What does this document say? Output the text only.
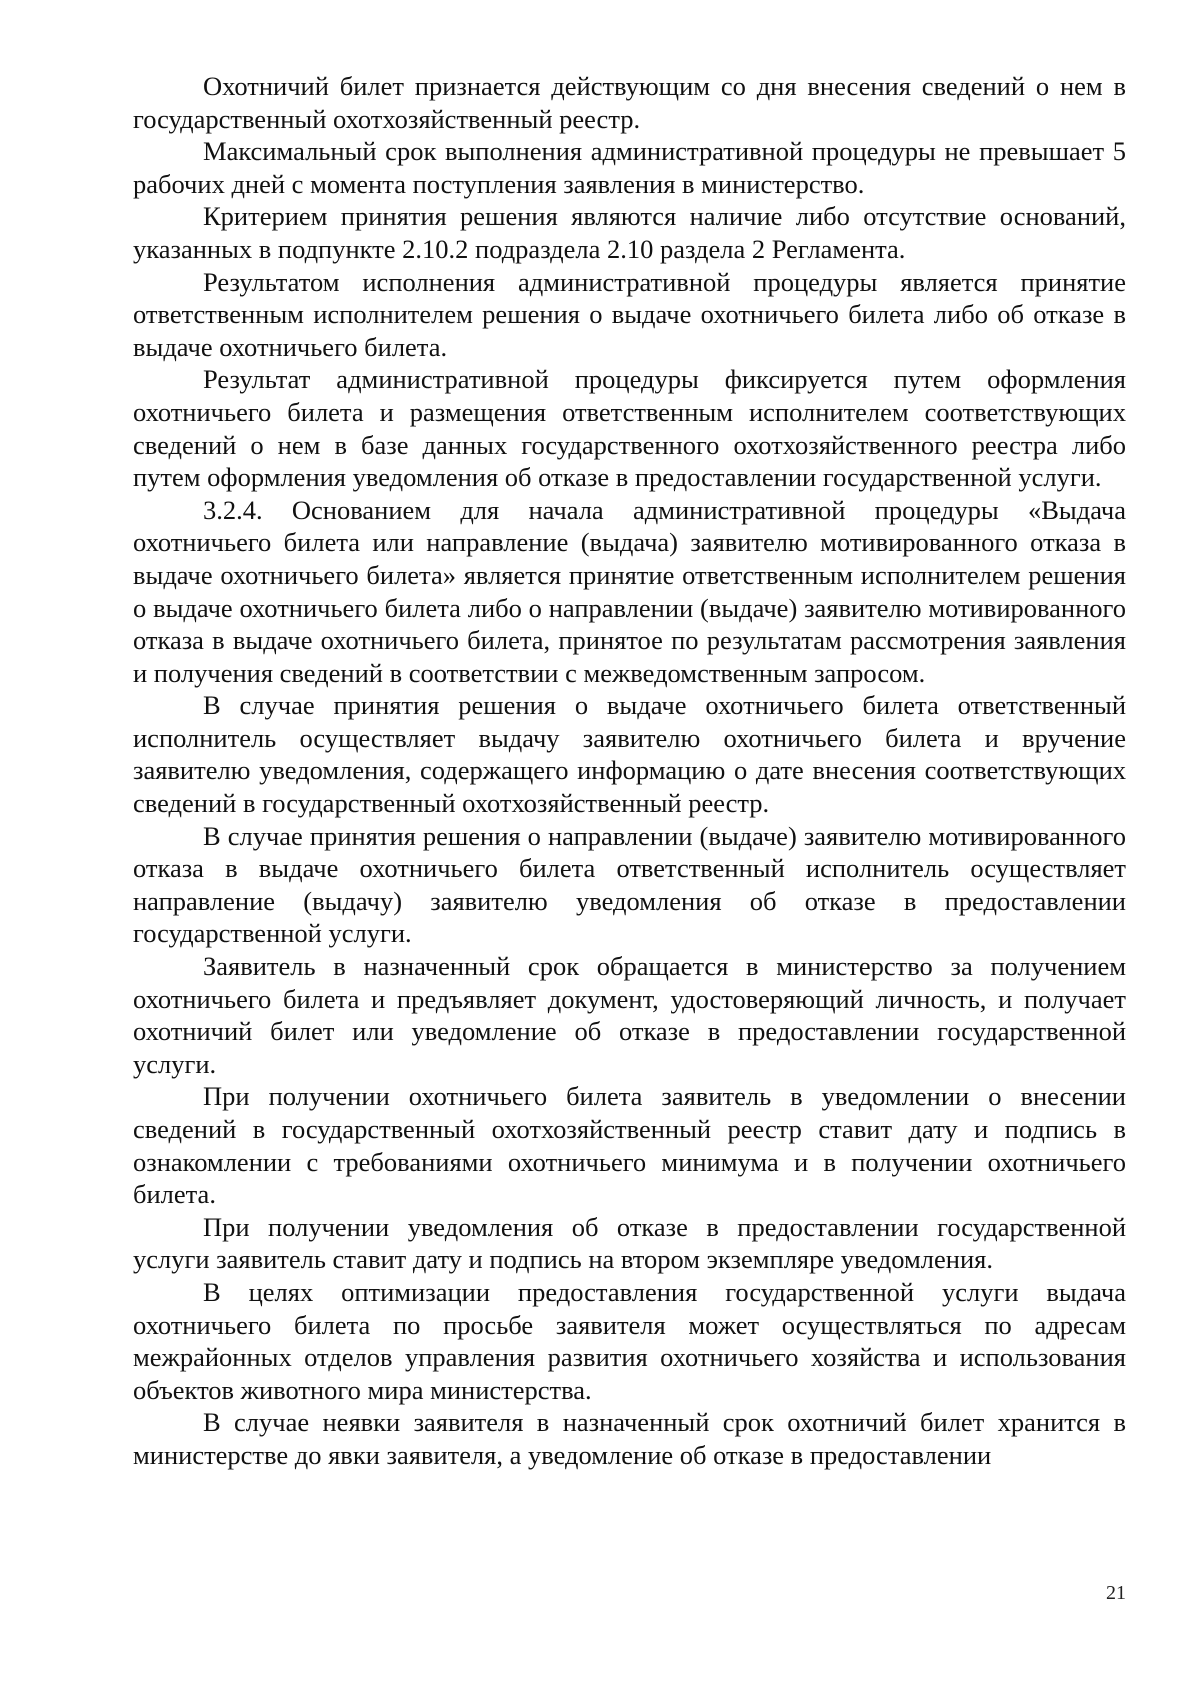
Охотничий билет признается действующим со дня внесения сведений о нем в государственный охотхозяйственный реестр.

Максимальный срок выполнения административной процедуры не превышает 5 рабочих дней с момента поступления заявления в министерство.

Критерием принятия решения являются наличие либо отсутствие оснований, указанных в подпункте 2.10.2 подраздела 2.10 раздела 2 Регламента.

Результатом исполнения административной процедуры является принятие ответственным исполнителем решения о выдаче охотничьего билета либо об отказе в выдаче охотничьего билета.

Результат административной процедуры фиксируется путем оформления охотничьего билета и размещения ответственным исполнителем соответствующих сведений о нем в базе данных государственного охотхозяйственного реестра либо путем оформления уведомления об отказе в предоставлении государственной услуги.

3.2.4. Основанием для начала административной процедуры «Выдача охотничьего билета или направление (выдача) заявителю мотивированного отказа в выдаче охотничьего билета» является принятие ответственным исполнителем решения о выдаче охотничьего билета либо о направлении (выдаче) заявителю мотивированного отказа в выдаче охотничьего билета, принятое по результатам рассмотрения заявления и получения сведений в соответствии с межведомственным запросом.

В случае принятия решения о выдаче охотничьего билета ответственный исполнитель осуществляет выдачу заявителю охотничьего билета и вручение заявителю уведомления, содержащего информацию о дате внесения соответствующих сведений в государственный охотхозяйственный реестр.

В случае принятия решения о направлении (выдаче) заявителю мотивированного отказа в выдаче охотничьего билета ответственный исполнитель осуществляет направление (выдачу) заявителю уведомления об отказе в предоставлении государственной услуги.

Заявитель в назначенный срок обращается в министерство за получением охотничьего билета и предъявляет документ, удостоверяющий личность, и получает охотничий билет или уведомление об отказе в предоставлении государственной услуги.

При получении охотничьего билета заявитель в уведомлении о внесении сведений в государственный охотхозяйственный реестр ставит дату и подпись в ознакомлении с требованиями охотничьего минимума и в получении охотничьего билета.

При получении уведомления об отказе в предоставлении государственной услуги заявитель ставит дату и подпись на втором экземпляре уведомления.

В целях оптимизации предоставления государственной услуги выдача охотничьего билета по просьбе заявителя может осуществляться по адресам межрайонных отделов управления развития охотничьего хозяйства и использования объектов животного мира министерства.

В случае неявки заявителя в назначенный срок охотничий билет хранится в министерстве до явки заявителя, а уведомление об отказе в предоставлении

21
